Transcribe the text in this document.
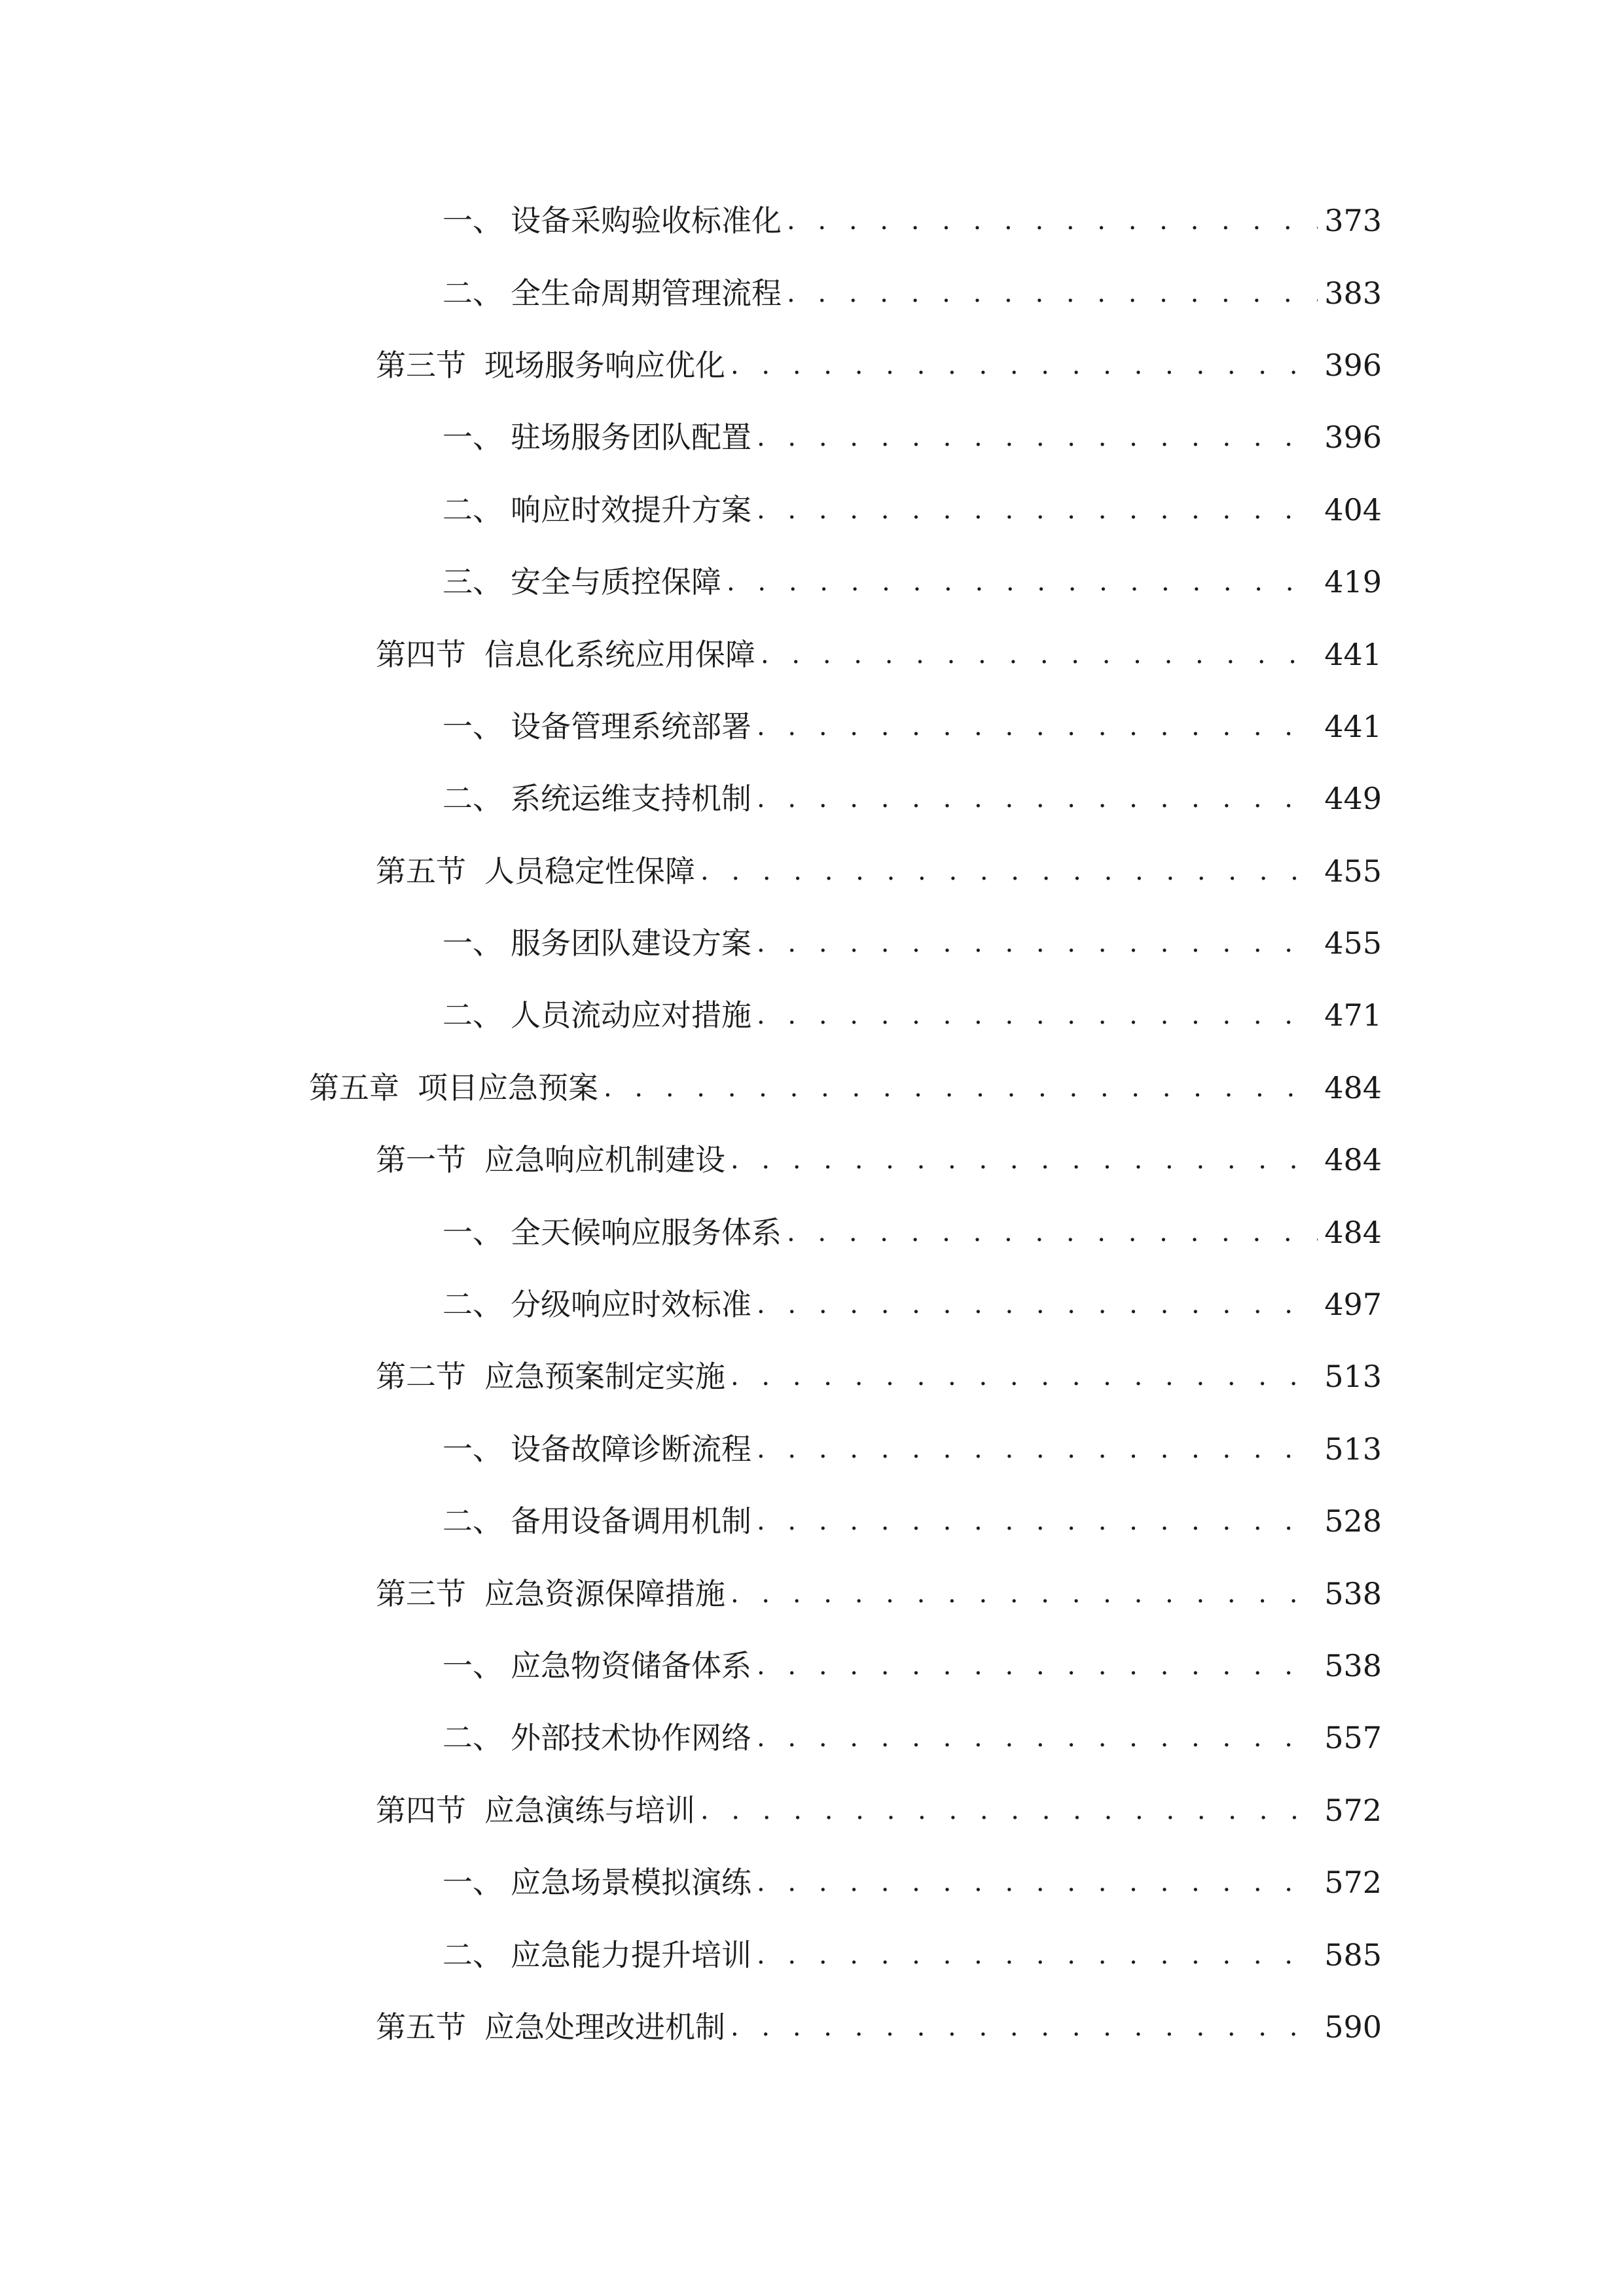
一、 设备采购验收标准化 . . .	373
二、 全生命周期管理流程 . . .	383
第三节 现场服务响应优化 . . .	396
一、 驻场服务团队配置 . . .	396
二、 响应时效提升方案 . . .	404
三、 安全与质控保障 . . .	419
第四节 信息化系统应用保障 . . .	441
一、 设备管理系统部署 . . .	441
二、 系统运维支持机制 . . .	449
第五节 人员稳定性保障 . . .	455
一、 服务团队建设方案 . . .	455
二、 人员流动应对措施 . . .	471
第五章 项目应急预案 . . .	484
第一节 应急响应机制建设 . . .	484
一、 全天候响应服务体系 . . .	484
二、 分级响应时效标准 . . .	497
第二节 应急预案制定实施 . . .	513
一、 设备故障诊断流程 . . .	513
二、 备用设备调用机制 . . .	528
第三节 应急资源保障措施 . . .	538
一、 应急物资储备体系 . . .	538
二、 外部技术协作网络 . . .	557
第四节 应急演练与培训 . . .	572
一、 应急场景模拟演练 . . .	572
二、 应急能力提升培训 . . .	585
第五节 应急处理改进机制 . . .	590
